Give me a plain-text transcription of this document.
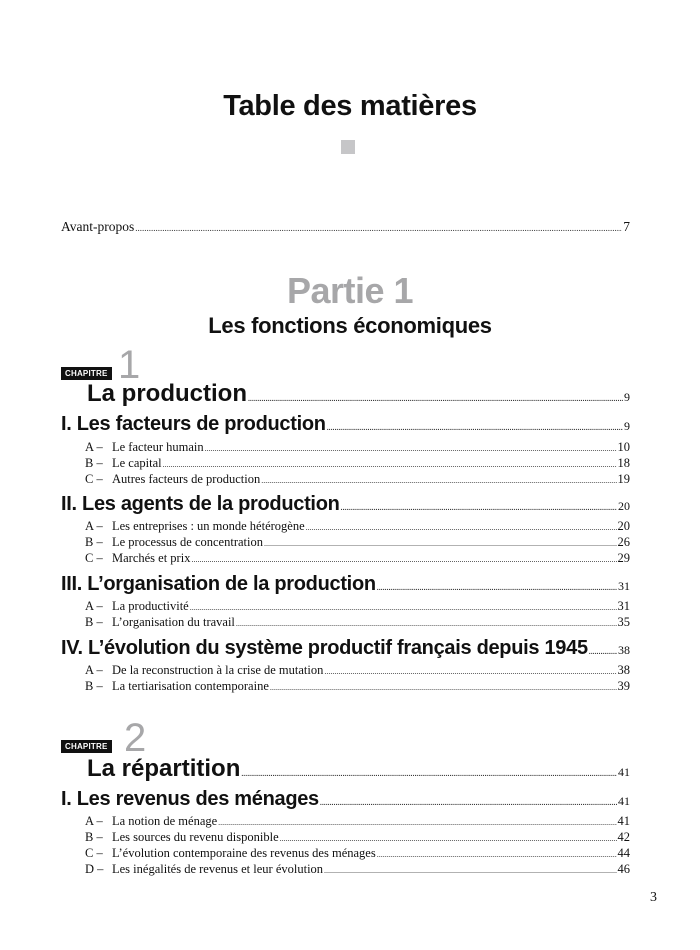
Table des matières
Avant-propos .....	7
Partie 1
Les fonctions économiques
CHAPITRE 1
La production .....	9
I. Les facteurs de production .....	9
A – Le facteur humain .....	10
B – Le capital .....	18
C – Autres facteurs de production .....	19
II. Les agents de la production .....	20
A – Les entreprises : un monde hétérogène .....	20
B – Le processus de concentration .....	26
C – Marchés et prix .....	29
III. L’organisation de la production .....	31
A – La productivité .....	31
B – L’organisation du travail .....	35
IV. L’évolution du système productif français depuis 1945 .....	38
A – De la reconstruction à la crise de mutation .....	38
B – La tertiarisation contemporaine .....	39
CHAPITRE 2
La répartition .....	41
I. Les revenus des ménages .....	41
A – La notion de ménage .....	41
B – Les sources du revenu disponible .....	42
C – L’évolution contemporaine des revenus des ménages .....	44
D – Les inégalités de revenus et leur évolution .....	46
3
